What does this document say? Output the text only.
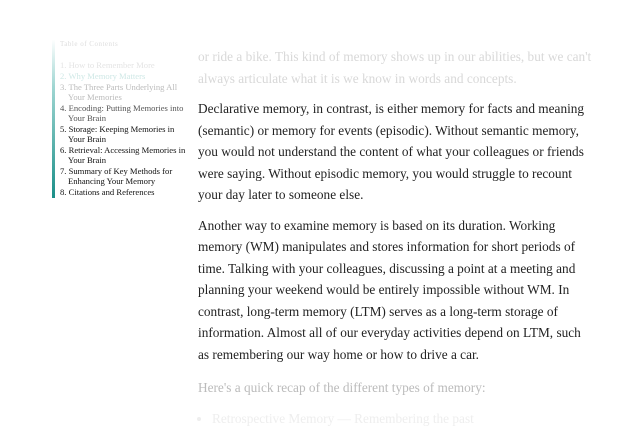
Table of Contents
1. How to Remember More
2. Why Memory Matters
3. The Three Parts Underlying All Your Memories
4. Encoding: Putting Memories into Your Brain
5. Storage: Keeping Memories in Your Brain
6. Retrieval: Accessing Memories in Your Brain
7. Summary of Key Methods for Enhancing Your Memory
8. Citations and References

or ride a bike. This kind of memory shows up in our abilities, but we can't always articulate what it is we know in words and concepts.

Declarative memory, in contrast, is either memory for facts and meaning (semantic) or memory for events (episodic). Without semantic memory, you would not understand the content of what your colleagues or friends were saying. Without episodic memory, you would struggle to recount your day later to someone else.

Another way to examine memory is based on its duration. Working memory (WM) manipulates and stores information for short periods of time. Talking with your colleagues, discussing a point at a meeting and planning your weekend would be entirely impossible without WM. In contrast, long-term memory (LTM) serves as a long-term storage of information. Almost all of our everyday activities depend on LTM, such as remembering our way home or how to drive a car.

Here's a quick recap of the different types of memory:

• Retrospective Memory — Remembering the past
